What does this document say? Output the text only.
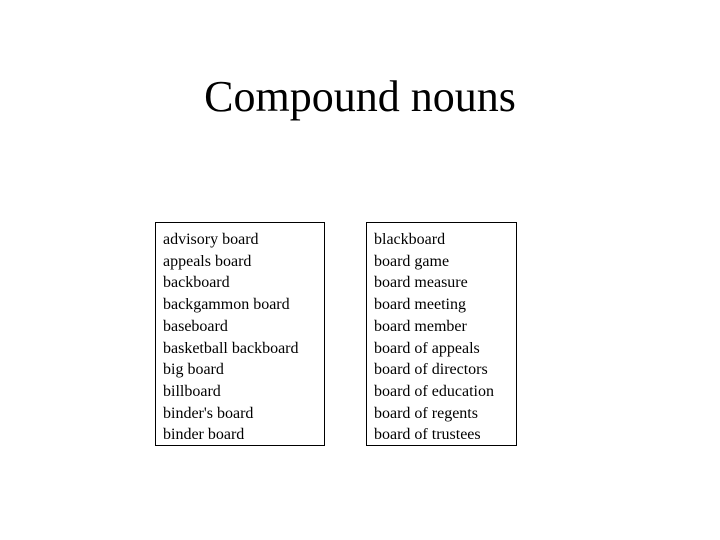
Compound nouns
advisory board
appeals board
backboard
backgammon board
baseboard
basketball backboard
big board
billboard
binder's board
binder board
blackboard
board game
board measure
board meeting
board member
board of appeals
board of directors
board of education
board of regents
board of trustees
